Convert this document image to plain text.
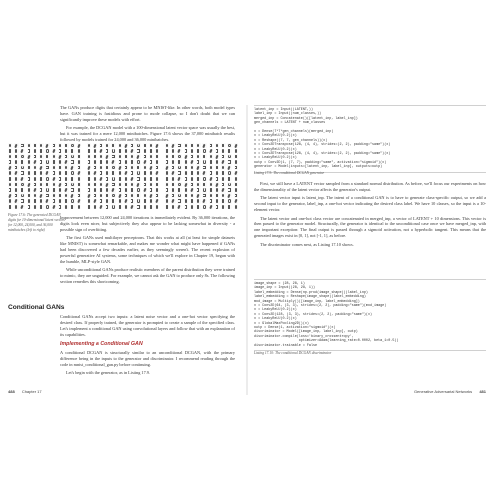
The GANs produce digits that certainly appear to be MNIST-like. In other words, both model types have. GAN training is fastidious and prone to mode collapse, so I don't doubt that we can significantly improve these models with effort.

For example, the DCGAN model with a 100-dimensional latent vector space was usually the best, but it was trained for a mere 12,000 minibatches. Figure 17.6 shows the 37,000 minibatch results followed by models trained for 24,000 and 36,000 minibatches.

Figure 17.6: The generated DCGAN digits for 10-dimensional latent vectors for 12,000, 24,000, and 36,000 minibatches (left to right)

Improvement between 12,000 and 24,000 iterations is immediately evident. By 36,000 iterations, the digits look even nicer, but subjectively they also appear to be lacking somewhat in diversity - a possible sign of overfitting.

The first GANs used multilayer perceptrons. That this works at all (at least for simple datasets like MNIST) is somewhat remarkable, and makes me wonder what might have happened if GANs had been discovered a few decades earlier, as they seemingly weren't. The recent explosion of powerful generative AI systems, some techniques of which we'll explore in Chapter 19, began with the humble, MLP-style GAN.

While unconditional GANs produce realistic members of the parent distribution they were trained to mimic, they are unguided. For example, we cannot ask the GAN to produce only 8s. The following section remedies this shortcoming.

Conditional GANs

Conditional GANs accept two inputs: a latent noise vector and a one-hot vector specifying the desired class. If properly trained, the generator is prompted to create a sample of the specified class. Let's implement a conditional GAN using convolutional layers and follow that with an explanation of its capabilities.

Implementing a Conditional GAN

A conditional DCGAN is structurally similar to an unconditional DCGAN, with the primary difference being in the inputs to the generator and discriminator. I recommend reading through the code in mnist_conditional_gan.py before continuing.

Let's begin with the generator, as in Listing 17.9.

488 Chapter 17
latent_inp = Input((LATENT,))
label_inp = Input((num_classes,))
merged_inp = Concatenate()([latent_inp, label_inp])
gen_channels = LATENT + num_classes

x = Dense(7*7*gen_channels)(merged_inp)
x = LeakyReLU(0.2)(x)
x = Reshape((7, 7, gen_channels))(x)
x = Conv2DTranspose(128, (4, 4), strides=(2, 2), padding="same")(x)
x = LeakyReLU(0.2)(x)
x = Conv2DTranspose(128, (4, 4), strides=(2, 2), padding="same")(x)
x = LeakyReLU(0.2)(x)
outp = Conv2D(1, (7, 7), padding="same", activation="sigmoid")(x)
generator = Model(inputs=[latent_inp, label_inp], outputs=outp)
Listing 17.9: The conditional DCGAN generator

First, we still have a LATENT vector sampled from a standard normal distribution. As before, we'll focus our experiments on how the dimensionality of the latent vector affects the generator's output.

The latent vector input is latent_inp. The intent of a conditional GAN is to have to generate class-specific output, so we add a second input to the generator, label_inp, a one-hot vector indicating the desired class label. We have 10 classes, so the input is a 10-element vector.

The latent vector and one-hot class vector are concatenated in merged_inp, a vector of LATENT + 10 dimensions. This vector is then passed to the generator model. Structurally, the generator is identical to the unconditional case once we have merged_inp, with one important exception: The final output is passed through a sigmoid activation, not a hyperbolic tangent. This means that the generated images exist in [0, 1], not [-1, 1], as before.

The discriminator comes next, as Listing 17.10 shows.

image_shape = (28, 28, 1)
image_inp = Input((28, 28, 1))
label_embedding = Dense(np.prod(image_shape))(label_inp)
label_embedding = Reshape(image_shape)(label_embedding)
mod_image = Multiply()([image_inp, label_embedding])
x = Conv2D(64, (3, 3), strides=(2, 2), padding="same")(mod_image)
x = LeakyReLU(0.2)(x)
x = Conv2D(128, (3, 3), strides=(2, 2), padding="same")(x)
x = LeakyReLU(0.2)(x)
x = GlobalMaxPooling2D()(x)
outp = Dense(1, activation="sigmoid")(x)
discriminator = Model([image_inp, label_inp], outp)
discriminator.compile(loss='binary_crossentropy',
optimizer=Adam(learning_rate=0.0002, beta_1=0.5))
discriminator.trainable = False
Listing 17.10: The conditional DCGAN discriminator
Generative Adversarial Networks 481
